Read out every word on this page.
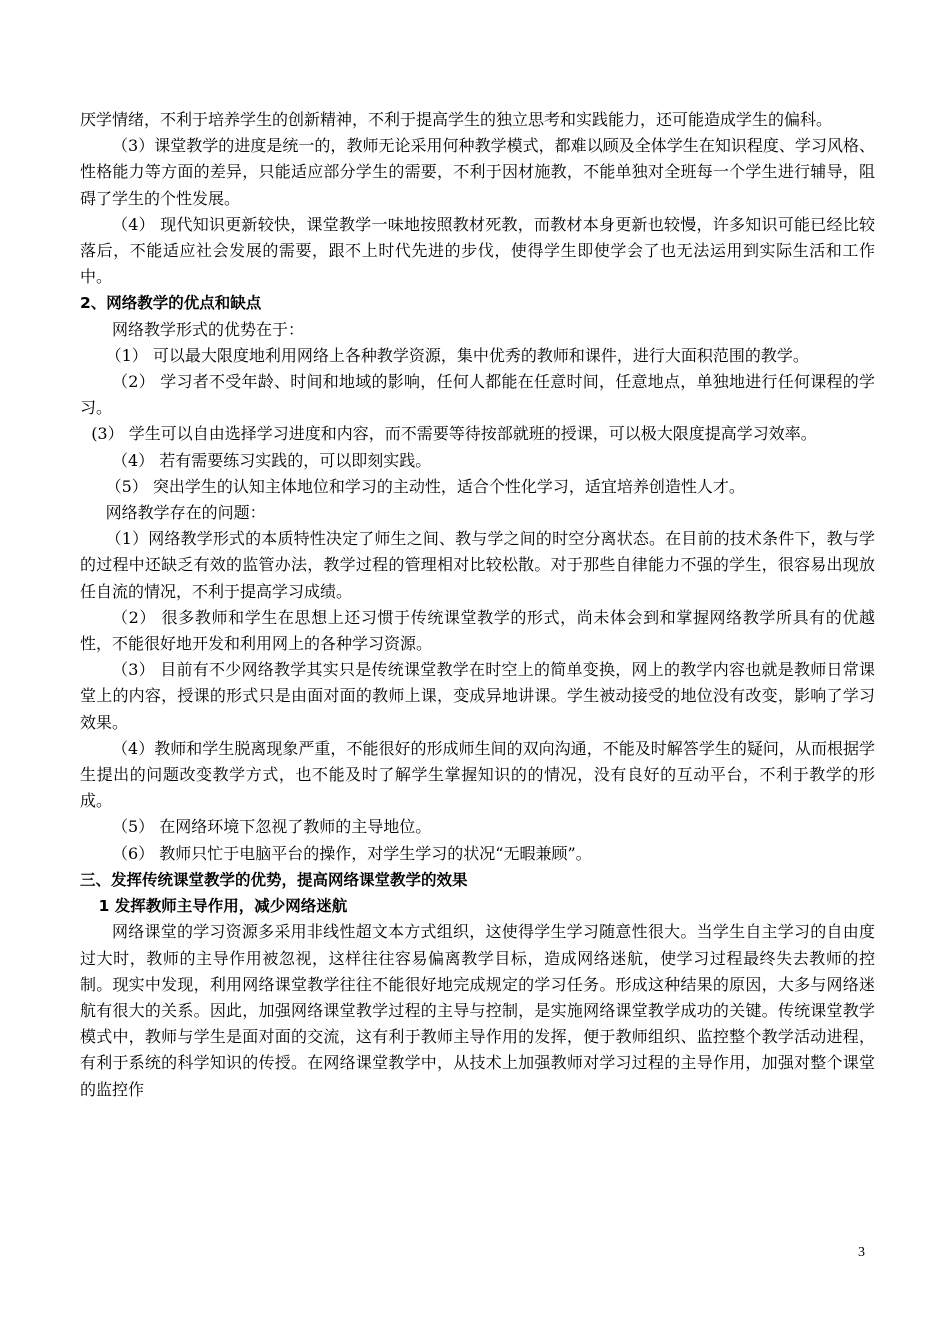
厌学情绪，不利于培养学生的创新精神，不利于提高学生的独立思考和实践能力，还可能造成学生的偏科。

（3）课堂教学的进度是统一的，教师无论采用何种教学模式，都难以顾及全体学生在知识程度、学习风格、性格能力等方面的差异，只能适应部分学生的需要，不利于因材施教，不能单独对全班每一个学生进行辅导，阻碍了学生的个性发展。

（4） 现代知识更新较快，课堂教学一味地按照教材死教，而教材本身更新也较慢，许多知识可能已经比较落后，不能适应社会发展的需要，跟不上时代先进的步伐，使得学生即使学会了也无法运用到实际生活和工作中。

2、网络教学的优点和缺点

网络教学形式的优势在于：

（1） 可以最大限度地利用网络上各种教学资源，集中优秀的教师和课件，进行大面积范围的教学。

（2） 学习者不受年龄、时间和地域的影响，任何人都能在任意时间，任意地点，单独地进行任何课程的学习。

(3） 学生可以自由选择学习进度和内容，而不需要等待按部就班的授课，可以极大限度提高学习效率。

（4） 若有需要练习实践的，可以即刻实践。

（5） 突出学生的认知主体地位和学习的主动性，适合个性化学习，适宜培养创造性人才。

网络教学存在的问题：

（1）网络教学形式的本质特性决定了师生之间、教与学之间的时空分离状态。在目前的技术条件下，教与学的过程中还缺乏有效的监管办法，教学过程的管理相对比较松散。对于那些自律能力不强的学生，很容易出现放任自流的情况，不利于提高学习成绩。

（2） 很多教师和学生在思想上还习惯于传统课堂教学的形式，尚未体会到和掌握网络教学所具有的优越性，不能很好地开发和利用网上的各种学习资源。

（3） 目前有不少网络教学其实只是传统课堂教学在时空上的简单变换，网上的教学内容也就是教师日常课堂上的内容，授课的形式只是由面对面的教师上课，变成异地讲课。学生被动接受的地位没有改变，影响了学习效果。

（4）教师和学生脱离现象严重，不能很好的形成师生间的双向沟通，不能及时解答学生的疑问，从而根据学生提出的问题改变教学方式，也不能及时了解学生掌握知识的的情况，没有良好的互动平台，不利于教学的形成。

（5） 在网络环境下忽视了教师的主导地位。

（6） 教师只忙于电脑平台的操作，对学生学习的状况“无暇兼顾”。

三、发挥传统课堂教学的优势，提高网络课堂教学的效果

1 发挥教师主导作用，减少网络迷航

网络课堂的学习资源多采用非线性超文本方式组织，这使得学生学习随意性很大。当学生自主学习的自由度过大时，教师的主导作用被忽视，这样往往容易偏离教学目标，造成网络迷航，使学习过程最终失去教师的控制。现实中发现，利用网络课堂教学往往不能很好地完成规定的学习任务。形成这种结果的原因，大多与网络迷航有很大的关系。因此，加强网络课堂教学过程的主导与控制，是实施网络课堂教学成功的关键。传统课堂教学模式中，教师与学生是面对面的交流，这有利于教师主导作用的发挥，便于教师组织、监控整个教学活动进程，有利于系统的科学知识的传授。在网络课堂教学中，从技术上加强教师对学习过程的主导作用，加强对整个课堂的监控作

3
